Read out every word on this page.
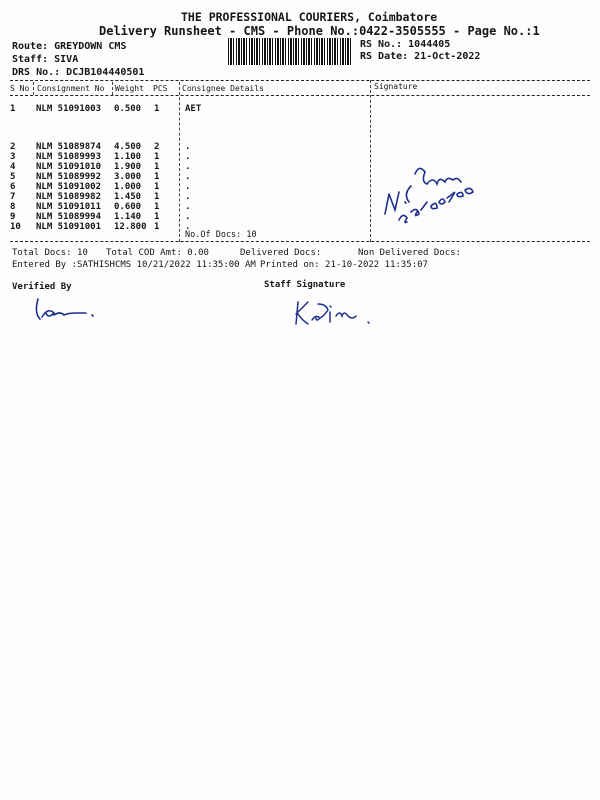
THE PROFESSIONAL COURIERS, Coimbatore
Delivery Runsheet - CMS - Phone No.:0422-3505555 - Page No.:1
Route: GREYDOWN CMS
Staff: SIVA
DRS No.: DCJB104440501
RS No.: 1044405
RS Date: 21-Oct-2022
S No Consignment No Weight PCS Consignee Details	Signature
1 NLM 51091003 0.500 1	AET
2 NLM 51089874 4.500 2	.
3 NLM 51089993 1.100 1	.
4 NLM 51091010 1.900 1	.
5 NLM 51089992 3.000 1	.
6 NLM 51091002 1.000 1	.
7 NLM 51089982 1.450 1	.
8 NLM 51091011 0.600 1	.
9 NLM 51089994 1.140 1	.
10 NLM 51091001 12.800 1	.
No.Of Docs: 10
Total Docs: 10 Total COD Amt: 0.00	Delivered Docs:	Non Delivered Docs:
Entered By :SATHISHCMS 10/21/2022 11:35:00 AM Printed on: 21-10-2022 11:35:07
Verified By	Staff Signature
